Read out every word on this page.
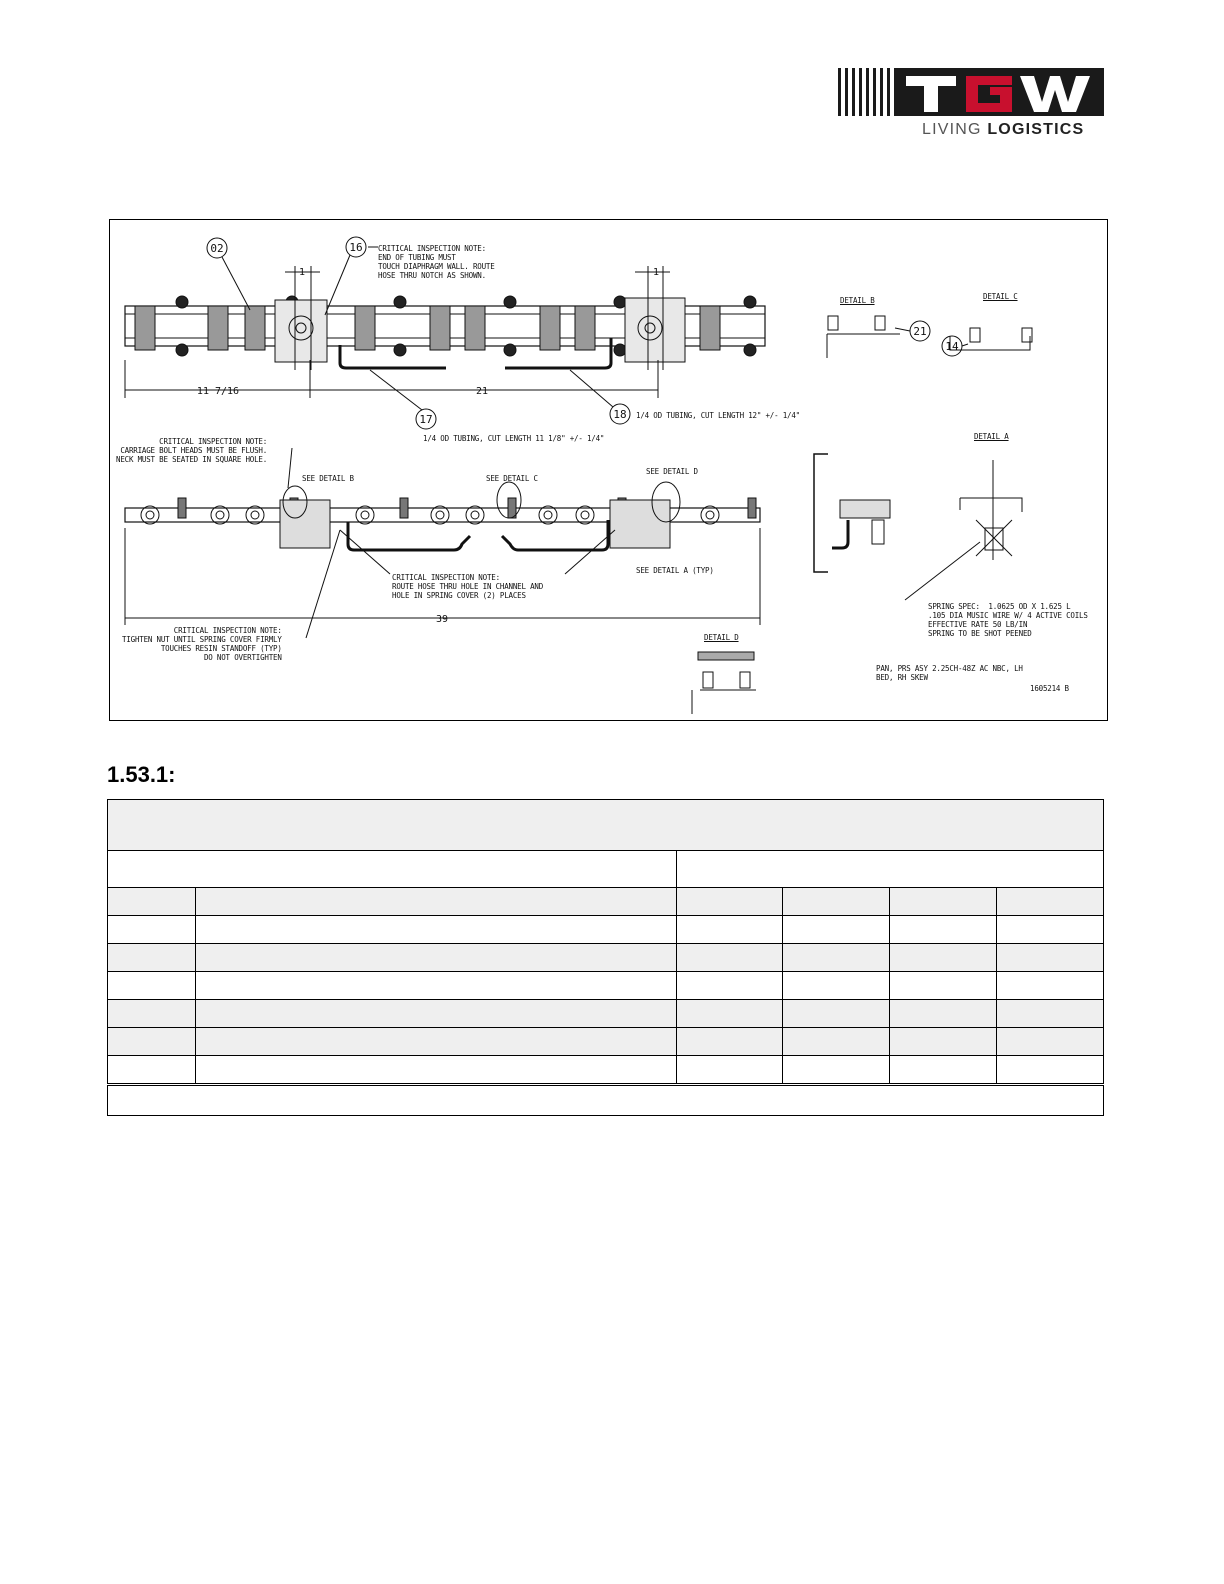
LIVING LOGISTICS
02	16
17	18
21
14
1	1
11 7/16	21
39
CRITICAL INSPECTION NOTE:
END OF TUBING MUST
TOUCH DIAPHRAGM WALL. ROUTE
HOSE THRU NOTCH AS SHOWN.
1/4 OD TUBING, CUT LENGTH 12" +/- 1/4"
1/4 OD TUBING, CUT LENGTH 11 1/8" +/- 1/4"
CRITICAL INSPECTION NOTE:
CARRIAGE BOLT HEADS MUST BE FLUSH.
NECK MUST BE SEATED IN SQUARE HOLE.
SEE DETAIL B	SEE DETAIL C
SEE DETAIL D
SEE DETAIL A (TYP)
CRITICAL INSPECTION NOTE:
ROUTE HOSE THRU HOLE IN CHANNEL AND
HOLE IN SPRING COVER (2) PLACES
CRITICAL INSPECTION NOTE:
TIGHTEN NUT UNTIL SPRING COVER FIRMLY
TOUCHES RESIN STANDOFF (TYP)
DO NOT OVERTIGHTEN
SPRING SPEC:  1.0625 OD X 1.625 L
.105 DIA MUSIC WIRE W/ 4 ACTIVE COILS
EFFECTIVE RATE 50 LB/IN
SPRING TO BE SHOT PEENED
PAN, PRS ASY 2.25CH-48Z AC NBC, LH
BED, RH SKEW
1605214 B
DETAIL B	DETAIL C
DETAIL A
DETAIL D
1.53.1:
